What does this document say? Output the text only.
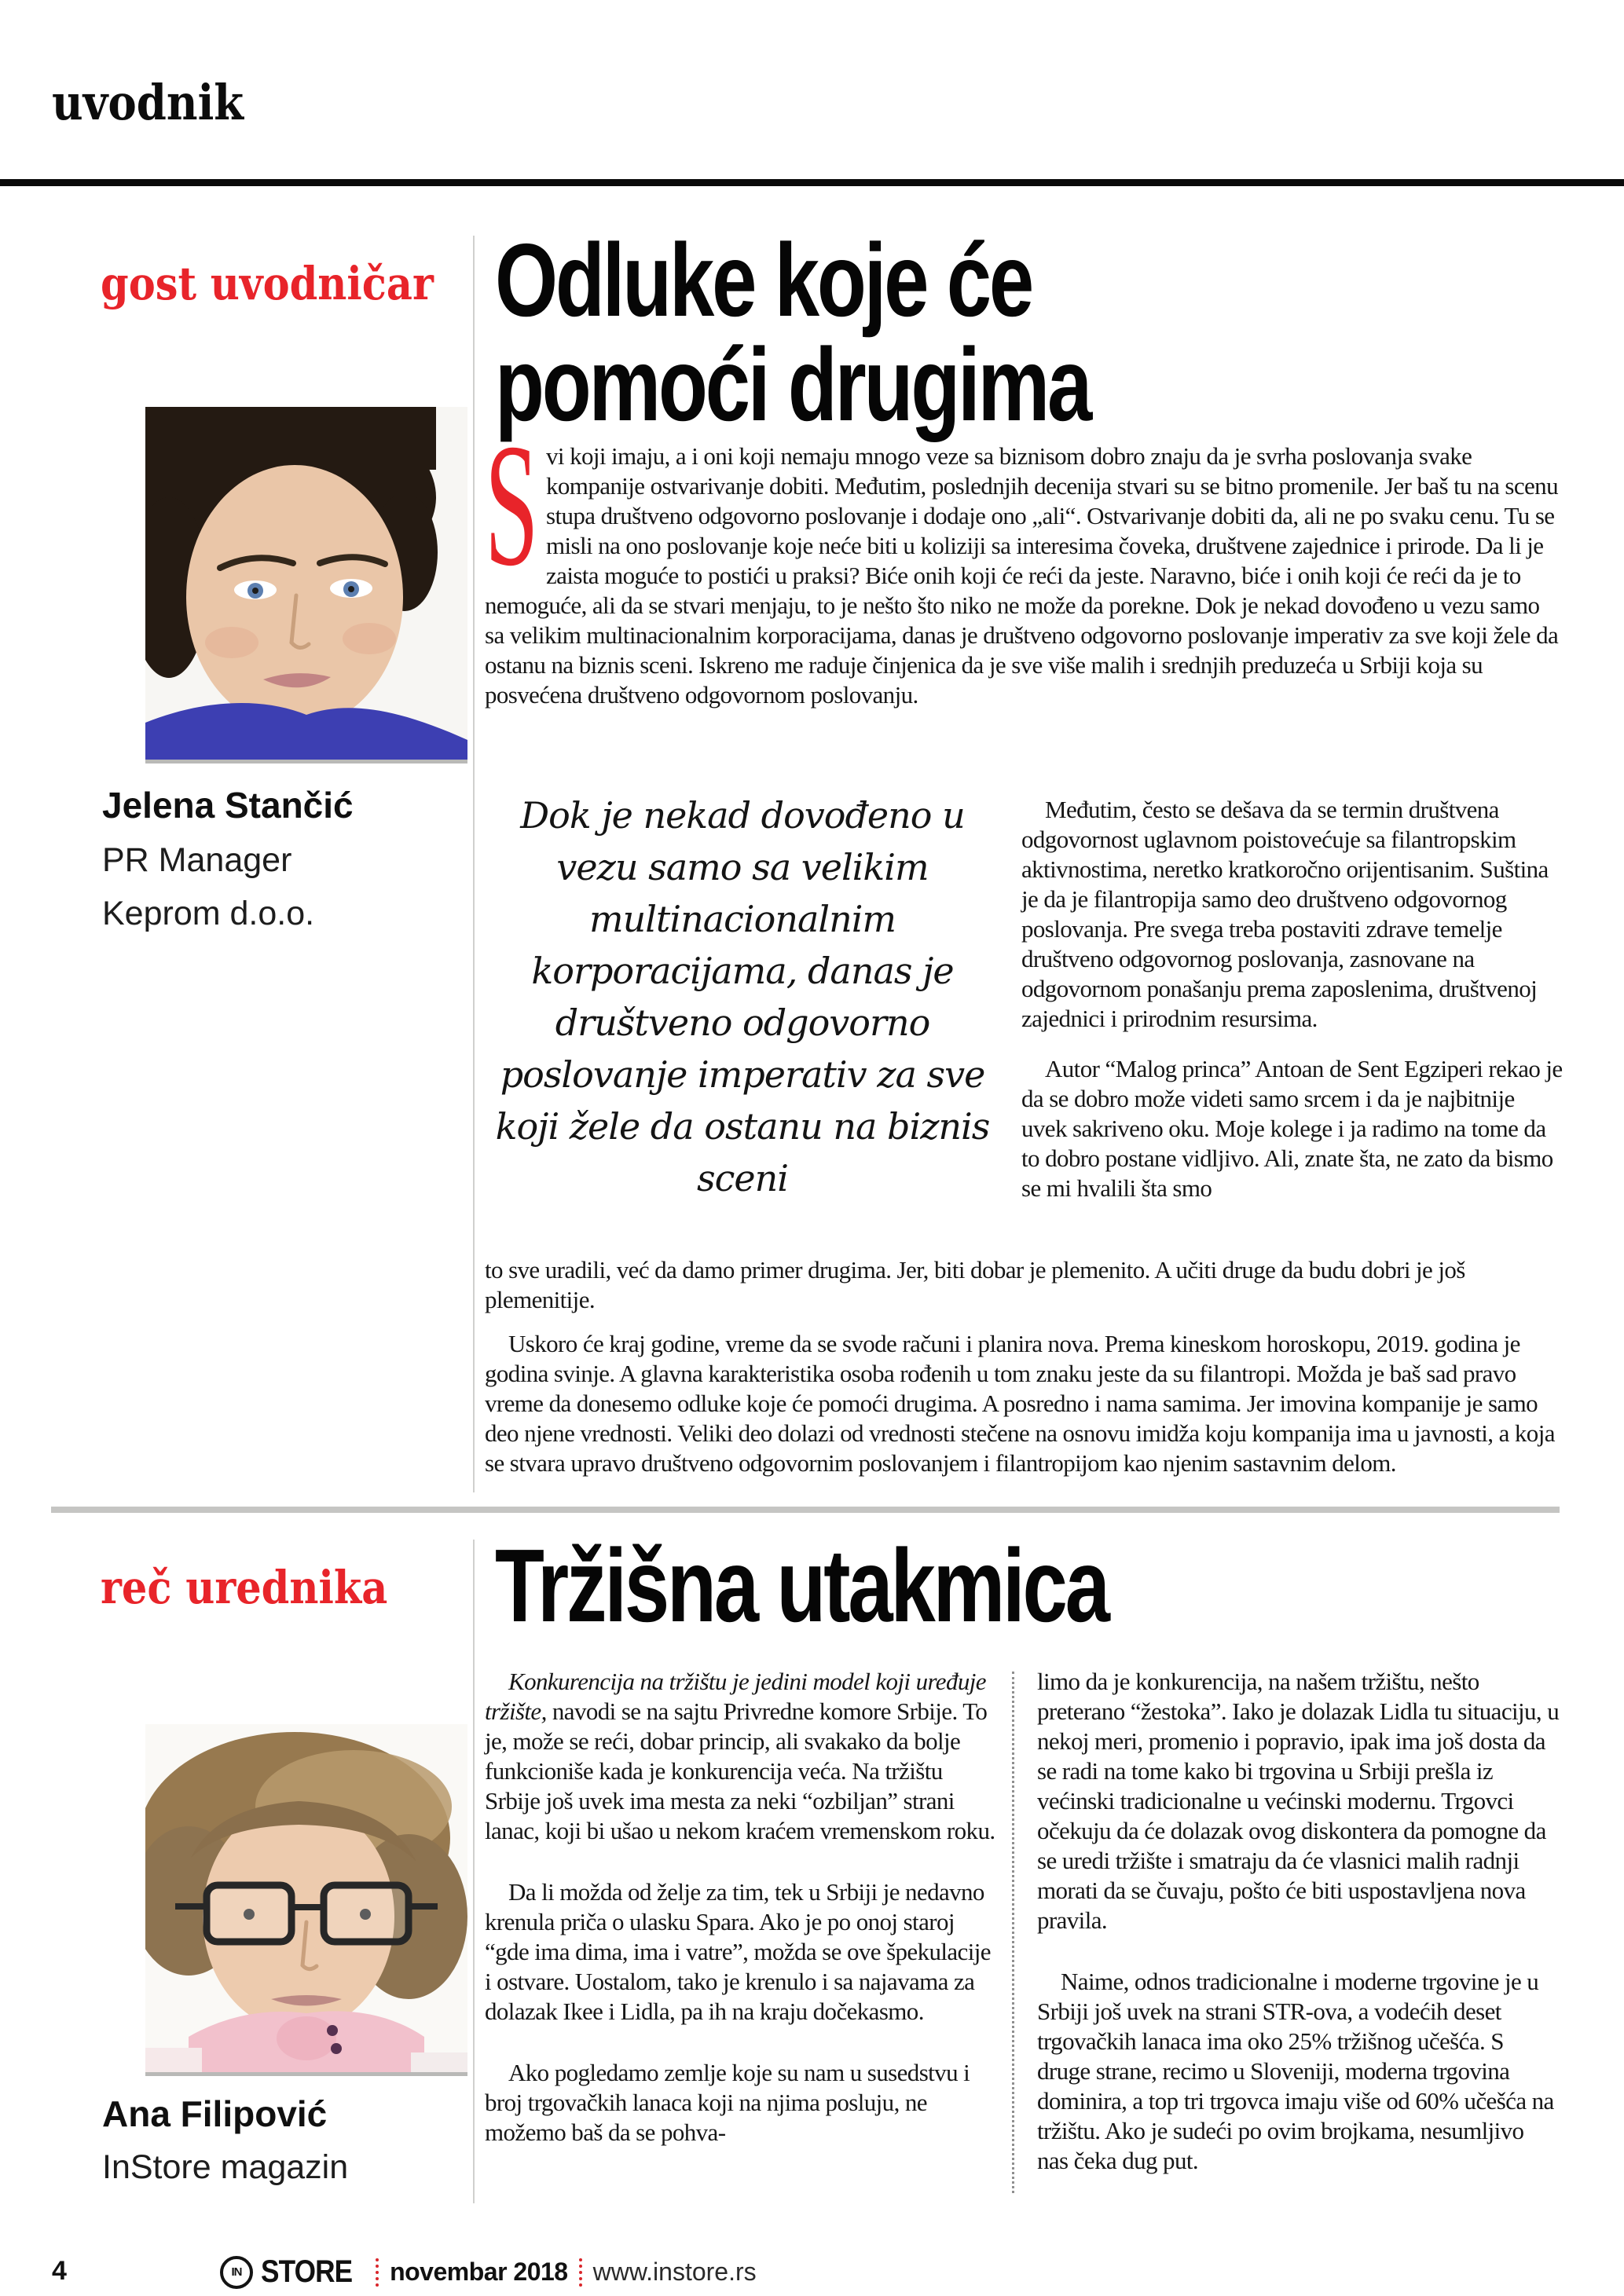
uvodnik
gost uvodničar
Jelena Stančić
PR Manager
Keprom d.o.o.
Odluke koje će
pomoći drugima
S vi koji imaju, a i oni koji nemaju mnogo veze sa biznisom dobro znaju da je svrha poslovanja svake kompanije ostvarivanje dobiti. Međutim, poslednjih decenija stvari su se bitno promenile. Jer baš tu na scenu stupa društveno odgovorno poslovanje i dodaje ono „ali“. Ostvarivanje dobiti da, ali ne po svaku cenu. Tu se misli na ono poslovanje koje neće biti u koliziji sa interesima čoveka, društvene zajednice i prirode. Da li je zaista moguće to postići u praksi? Biće onih koji će reći da jeste. Naravno, biće i onih koji će reći da je to nemoguće, ali da se stvari menjaju, to je nešto što niko ne može da porekne. Dok je nekad dovođeno u vezu samo sa velikim multinacionalnim korporacijama, danas je društveno odgovorno poslovanje imperativ za sve koji žele da ostanu na biznis sceni. Iskreno me raduje činjenica da je sve više malih i srednjih preduzeća u Srbiji koja su posvećena društveno odgovornom poslovanju.
Dok je nekad dovođeno u vezu samo sa velikim multinacionalnim korporacijama, danas je društveno odgovorno poslovanje imperativ za sve koji žele da ostanu na biznis sceni

Međutim, često se dešava da se termin društvena odgovornost uglavnom poistovećuje sa filantropskim aktivnostima, neretko kratkoročno orijentisanim. Suština je da je filantropija samo deo društveno odgovornog poslovanja. Pre svega treba postaviti zdrave temelje društveno odgovornog poslovanja, zasnovane na odgovornom ponašanju prema zaposlenima, društvenoj zajednici i prirodnim resursima.

Autor “Malog princa” Antoan de Sent Egziperi rekao je da se dobro može videti samo srcem i da je najbitnije uvek sakriveno oku. Moje kolege i ja radimo na tome da to dobro postane vidljivo. Ali, znate šta, ne zato da bismo se mi hvalili šta smo

to sve uradili, već da damo primer drugima. Jer, biti dobar je plemenito. A učiti druge da budu dobri je još plemenitije.
Uskoro će kraj godine, vreme da se svode računi i planira nova. Prema kineskom horoskopu, 2019. godina je godina svinje. A glavna karakteristika osoba rođenih u tom znaku jeste da su filantropi. Možda je baš sad pravo vreme da donesemo odluke koje će pomoći drugima. A posredno i nama samima. Jer imovina kompanije je samo deo njene vrednosti. Veliki deo dolazi od vrednosti stečene na osnovu imidža koju kompanija ima u javnosti, a koja se stvara upravo društveno odgovornim poslovanjem i filantropijom kao njenim sastavnim delom.
reč urednika Tržišna utakmica
Ana Filipović
InStore magazin

Konkurencija na tržištu je jedini model koji uređuje tržište, navodi se na sajtu Privredne komore Srbije. To je, može se reći, dobar princip, ali svakako da bolje funkcioniše kada je konkurencija veća. Na tržištu Srbije još uvek ima mesta za neki “ozbiljan” strani lanac, koji bi ušao u nekom kraćem vremenskom roku.

Da li možda od želje za tim, tek u Srbiji je nedavno krenula priča o ulasku Spara. Ako je po onoj staroj “gde ima dima, ima i vatre”, možda se ove špekulacije i ostvare. Uostalom, tako je krenulo i sa najavama za dolazak Ikee i Lidla, pa ih na kraju dočekasmo.

Ako pogledamo zemlje koje su nam u susedstvu i broj trgovačkih lanaca koji na njima posluju, ne možemo baš da se pohva-

limo da je konkurencija, na našem tržištu, nešto preterano “žestoka”. Iako je dolazak Lidla tu situaciju, u nekoj meri, promenio i popravio, ipak ima još dosta da se radi na tome kako bi trgovina u Srbiji prešla iz većinski tradicionalne u većinski modernu. Trgovci očekuju da će dolazak ovog diskontera da pomogne da se uredi tržište i smatraju da će vlasnici malih radnji morati da se čuvaju, pošto će biti uspostavljena nova pravila.

Naime, odnos tradicionalne i moderne trgovine je u Srbiji još uvek na strani STR-ova, a vodećih deset trgovačkih lanaca ima oko 25% tržišnog učešća. S druge strane, recimo u Sloveniji, moderna trgovina dominira, a top tri trgovca imaju više od 60% učešća na tržištu. Ako je sudeći po ovim brojkama, nesumljivo nas čeka dug put.

4	IN STORE novembar 2018 www.instore.rs
